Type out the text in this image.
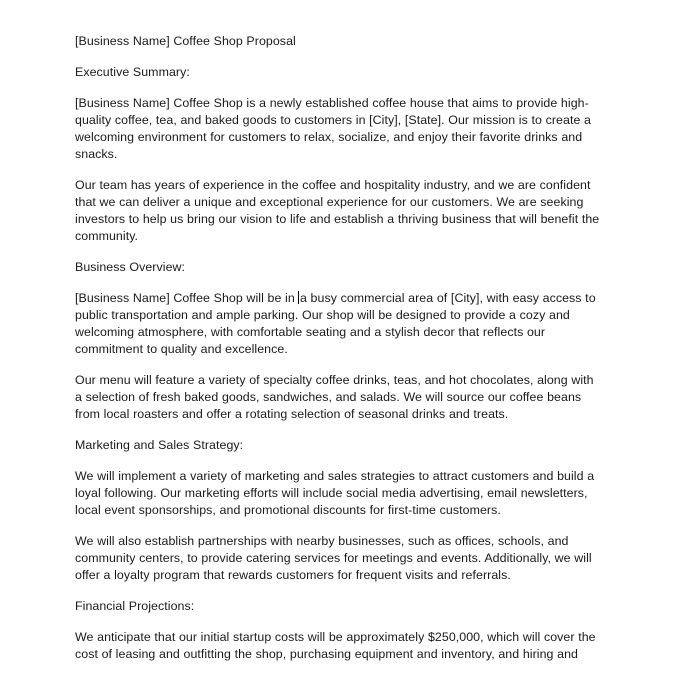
[Business Name] Coffee Shop Proposal

Executive Summary:

[Business Name] Coffee Shop is a newly established coffee house that aims to provide high-quality coffee, tea, and baked goods to customers in [City], [State]. Our mission is to create a welcoming environment for customers to relax, socialize, and enjoy their favorite drinks and snacks.

Our team has years of experience in the coffee and hospitality industry, and we are confident that we can deliver a unique and exceptional experience for our customers. We are seeking investors to help us bring our vision to life and establish a thriving business that will benefit the community.

Business Overview:

[Business Name] Coffee Shop will be in a busy commercial area of [City], with easy access to public transportation and ample parking. Our shop will be designed to provide a cozy and welcoming atmosphere, with comfortable seating and a stylish decor that reflects our commitment to quality and excellence.

Our menu will feature a variety of specialty coffee drinks, teas, and hot chocolates, along with a selection of fresh baked goods, sandwiches, and salads. We will source our coffee beans from local roasters and offer a rotating selection of seasonal drinks and treats.

Marketing and Sales Strategy:

We will implement a variety of marketing and sales strategies to attract customers and build a loyal following. Our marketing efforts will include social media advertising, email newsletters, local event sponsorships, and promotional discounts for first-time customers.

We will also establish partnerships with nearby businesses, such as offices, schools, and community centers, to provide catering services for meetings and events. Additionally, we will offer a loyalty program that rewards customers for frequent visits and referrals.

Financial Projections:

We anticipate that our initial startup costs will be approximately $250,000, which will cover the cost of leasing and outfitting the shop, purchasing equipment and inventory, and hiring and
